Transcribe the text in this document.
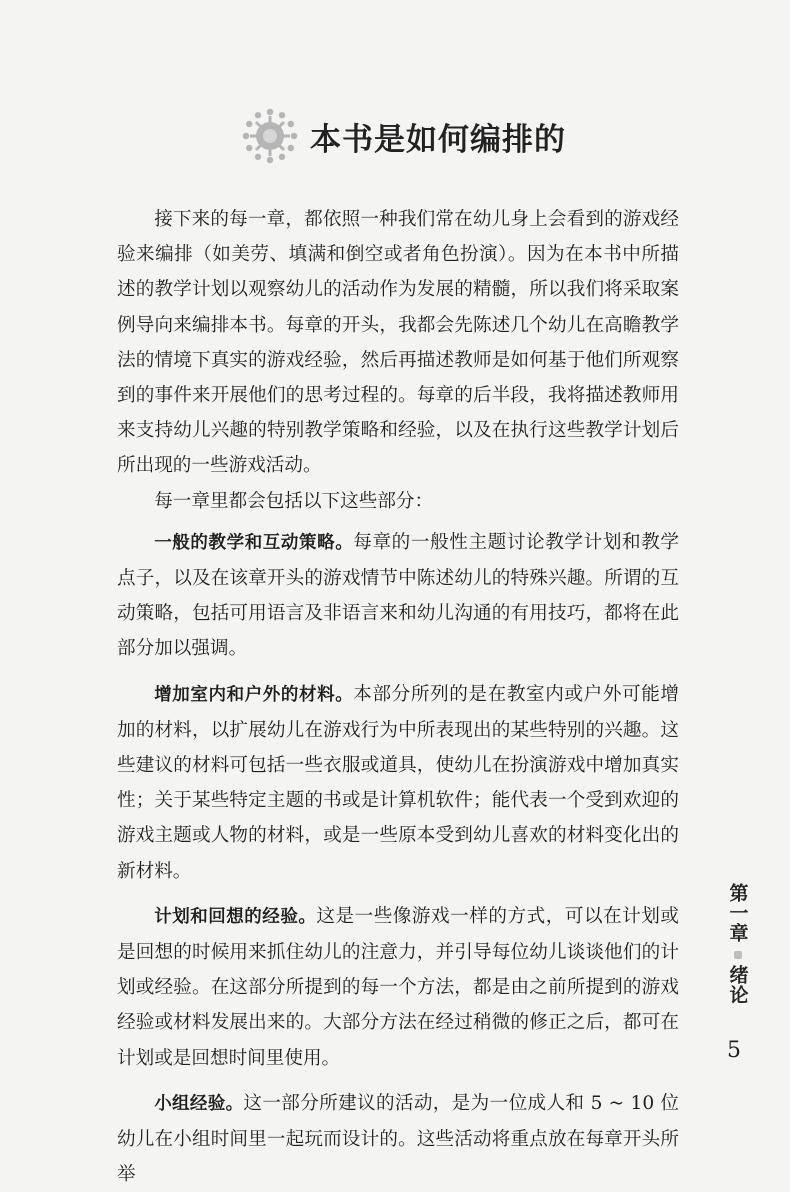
本书是如何编排的

接下来的每一章，都依照一种我们常在幼儿身上会看到的游戏经验来编排（如美劳、填满和倒空或者角色扮演）。因为在本书中所描述的教学计划以观察幼儿的活动作为发展的精髓，所以我们将采取案例导向来编排本书。每章的开头，我都会先陈述几个幼儿在高瞻教学法的情境下真实的游戏经验，然后再描述教师是如何基于他们所观察到的事件来开展他们的思考过程的。每章的后半段，我将描述教师用来支持幼儿兴趣的特别教学策略和经验，以及在执行这些教学计划后所出现的一些游戏活动。

每一章里都会包括以下这些部分：

一般的教学和互动策略。每章的一般性主题讨论教学计划和教学点子，以及在该章开头的游戏情节中陈述幼儿的特殊兴趣。所谓的互动策略，包括可用语言及非语言来和幼儿沟通的有用技巧，都将在此部分加以强调。

增加室内和户外的材料。本部分所列的是在教室内或户外可能增加的材料，以扩展幼儿在游戏行为中所表现出的某些特别的兴趣。这些建议的材料可包括一些衣服或道具，使幼儿在扮演游戏中增加真实性；关于某些特定主题的书或是计算机软件；能代表一个受到欢迎的游戏主题或人物的材料，或是一些原本受到幼儿喜欢的材料变化出的新材料。

计划和回想的经验。这是一些像游戏一样的方式，可以在计划或是回想的时候用来抓住幼儿的注意力，并引导每位幼儿谈谈他们的计划或经验。在这部分所提到的每一个方法，都是由之前所提到的游戏经验或材料发展出来的。大部分方法在经过稍微的修正之后，都可在计划或是回想时间里使用。

小组经验。这一部分所建议的活动，是为一位成人和 5 ~ 10 位幼儿在小组时间里一起玩而设计的。这些活动将重点放在每章开头所举

第一章
绪论
5
